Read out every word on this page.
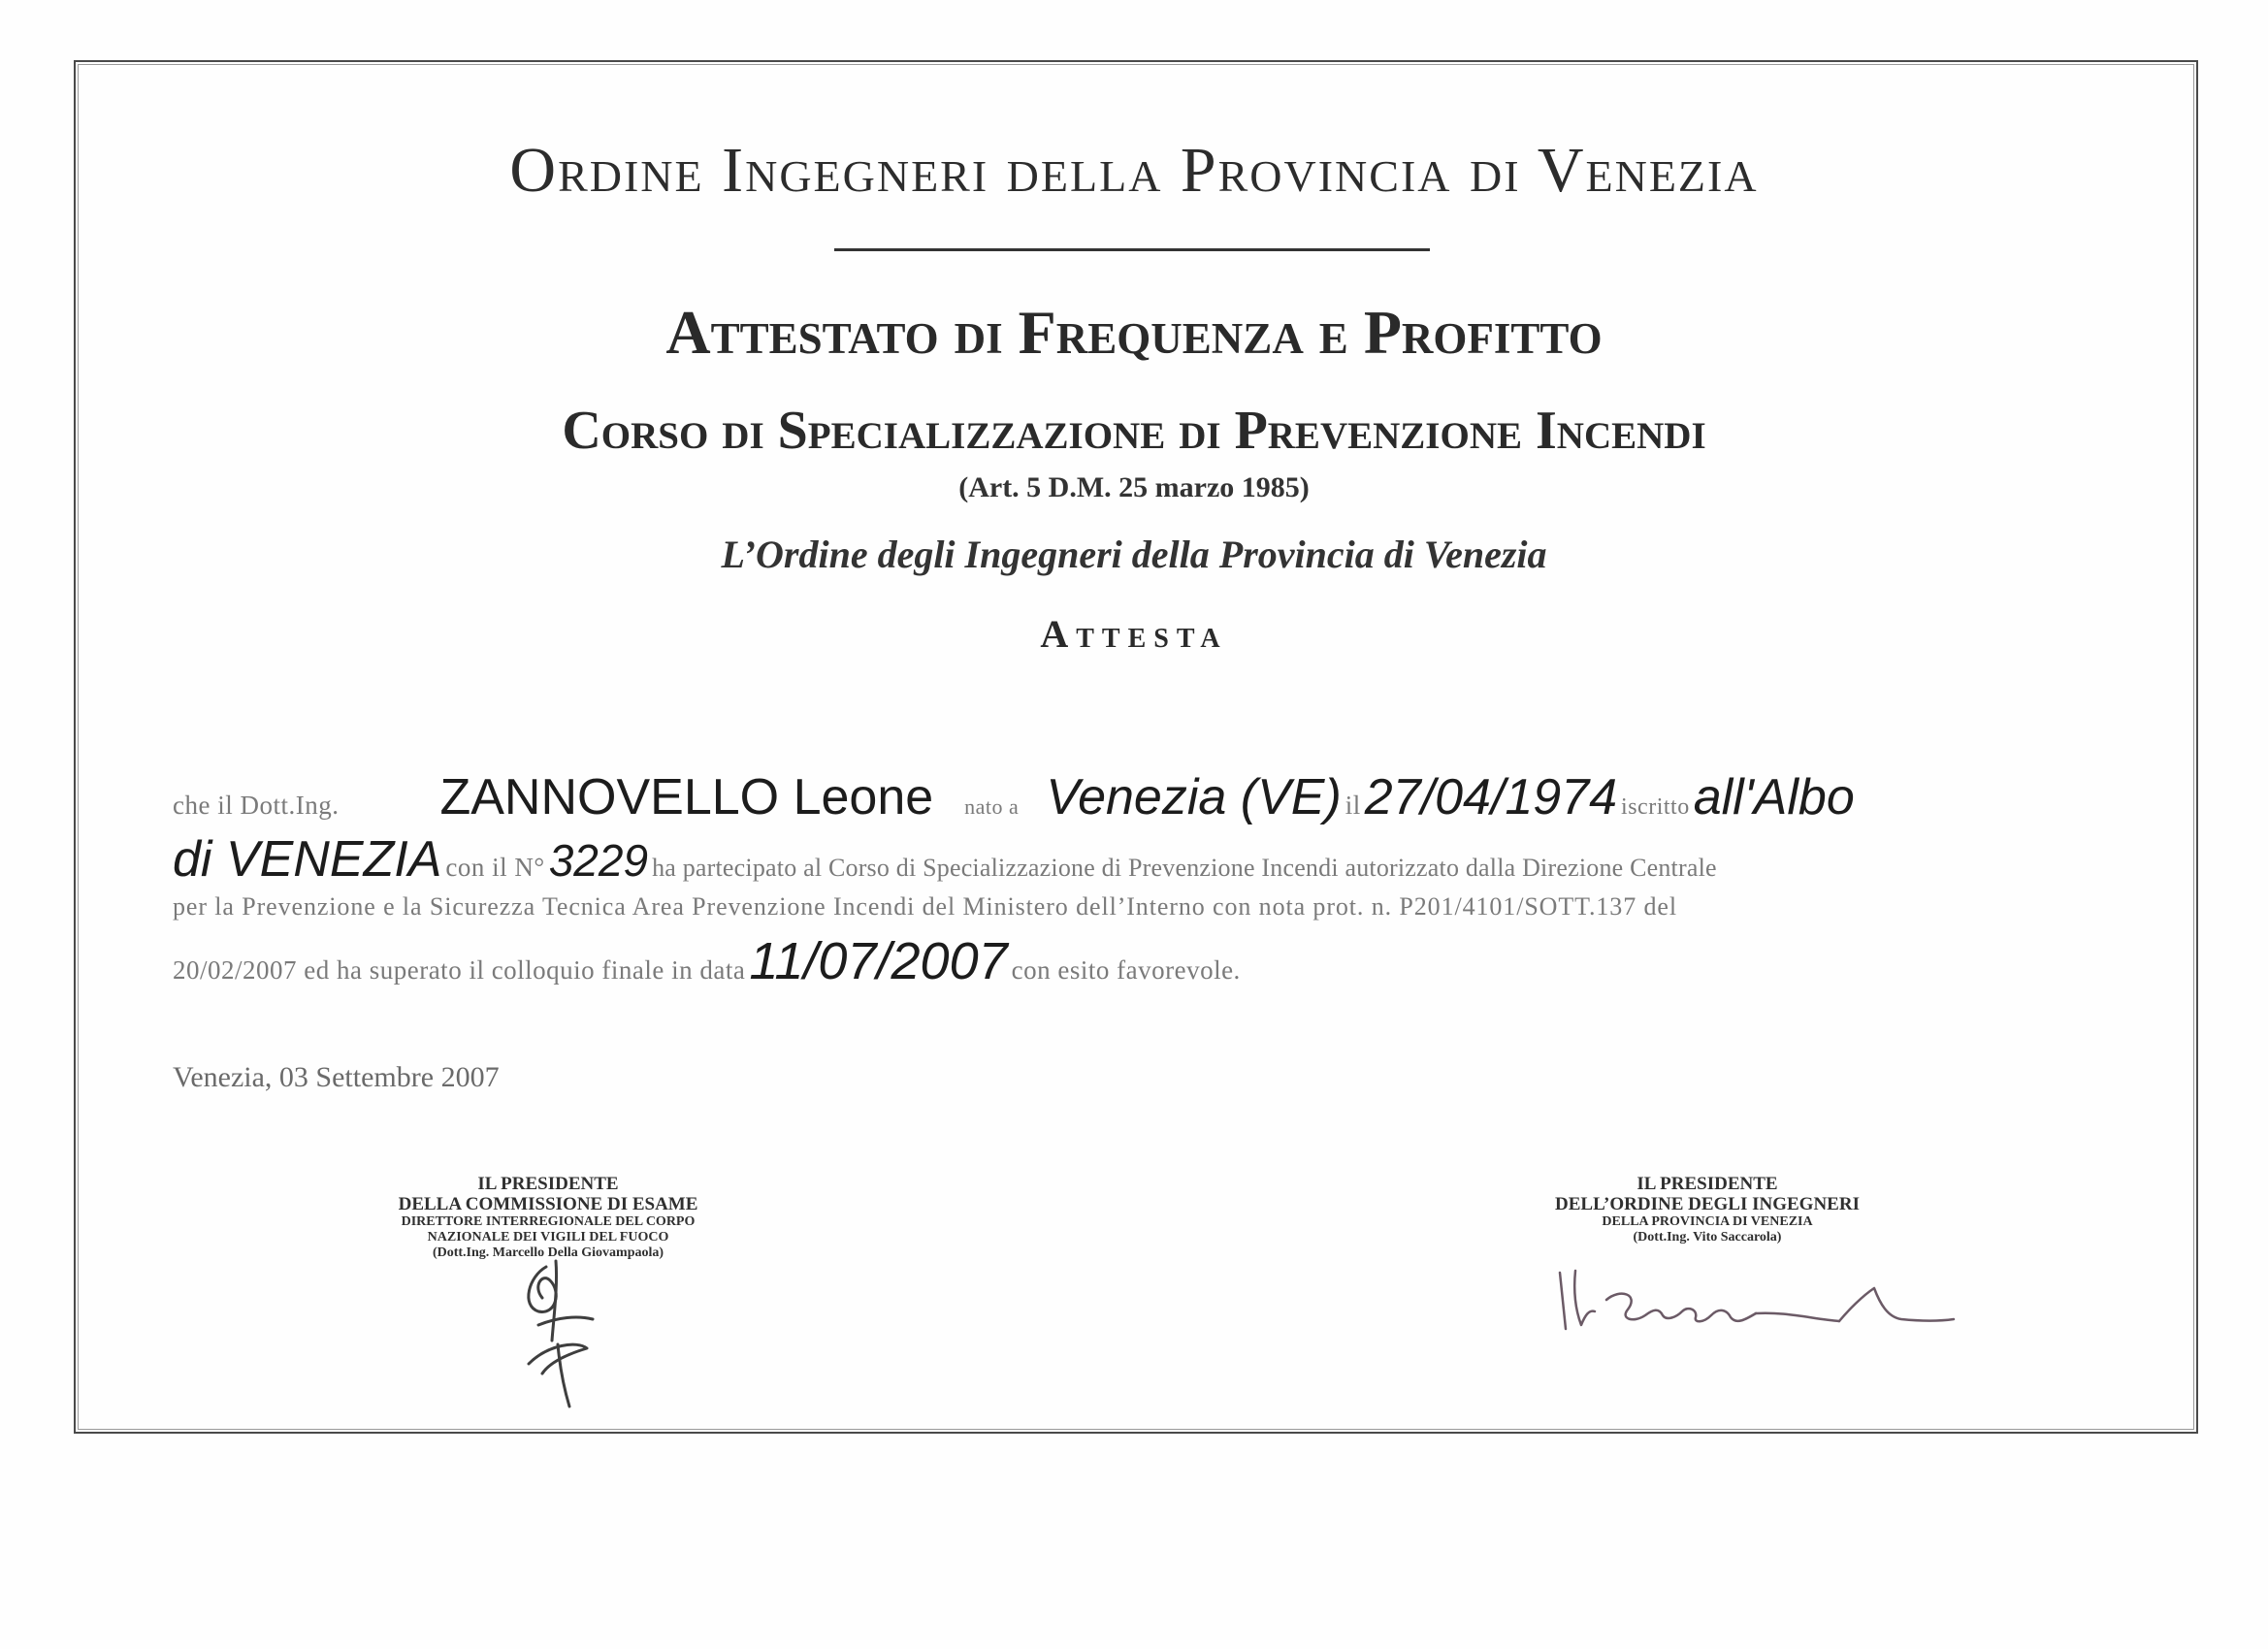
Ordine Ingegneri della Provincia di Venezia
Attestato di Frequenza e Profitto
Corso di Specializzazione di Prevenzione Incendi
(Art. 5 D.M. 25 marzo 1985)
L’Ordine degli Ingegneri della Provincia di Venezia
Attesta
che il Dott.Ing. ZANNOVELLO Leone nato a Venezia (VE) il 27/04/1974 iscritto all'Albo
di VENEZIA con il N° 3229 ha partecipato al Corso di Specializzazione di Prevenzione Incendi autorizzato dalla Direzione Centrale
per la Prevenzione e la Sicurezza Tecnica Area Prevenzione Incendi del Ministero dell’Interno con nota prot. n. P201/4101/SOTT.137 del
20/02/2007 ed ha superato il colloquio finale in data 11/07/2007 con esito favorevole.
Venezia, 03 Settembre 2007
IL PRESIDENTE
DELLA COMMISSIONE DI ESAME
DIRETTORE INTERREGIONALE DEL CORPO
NAZIONALE DEI VIGILI DEL FUOCO
(Dott.Ing. Marcello Della Giovampaola)
IL PRESIDENTE
DELL’ORDINE DEGLI INGEGNERI
DELLA PROVINCIA DI VENEZIA
(Dott.Ing. Vito Saccarola)
